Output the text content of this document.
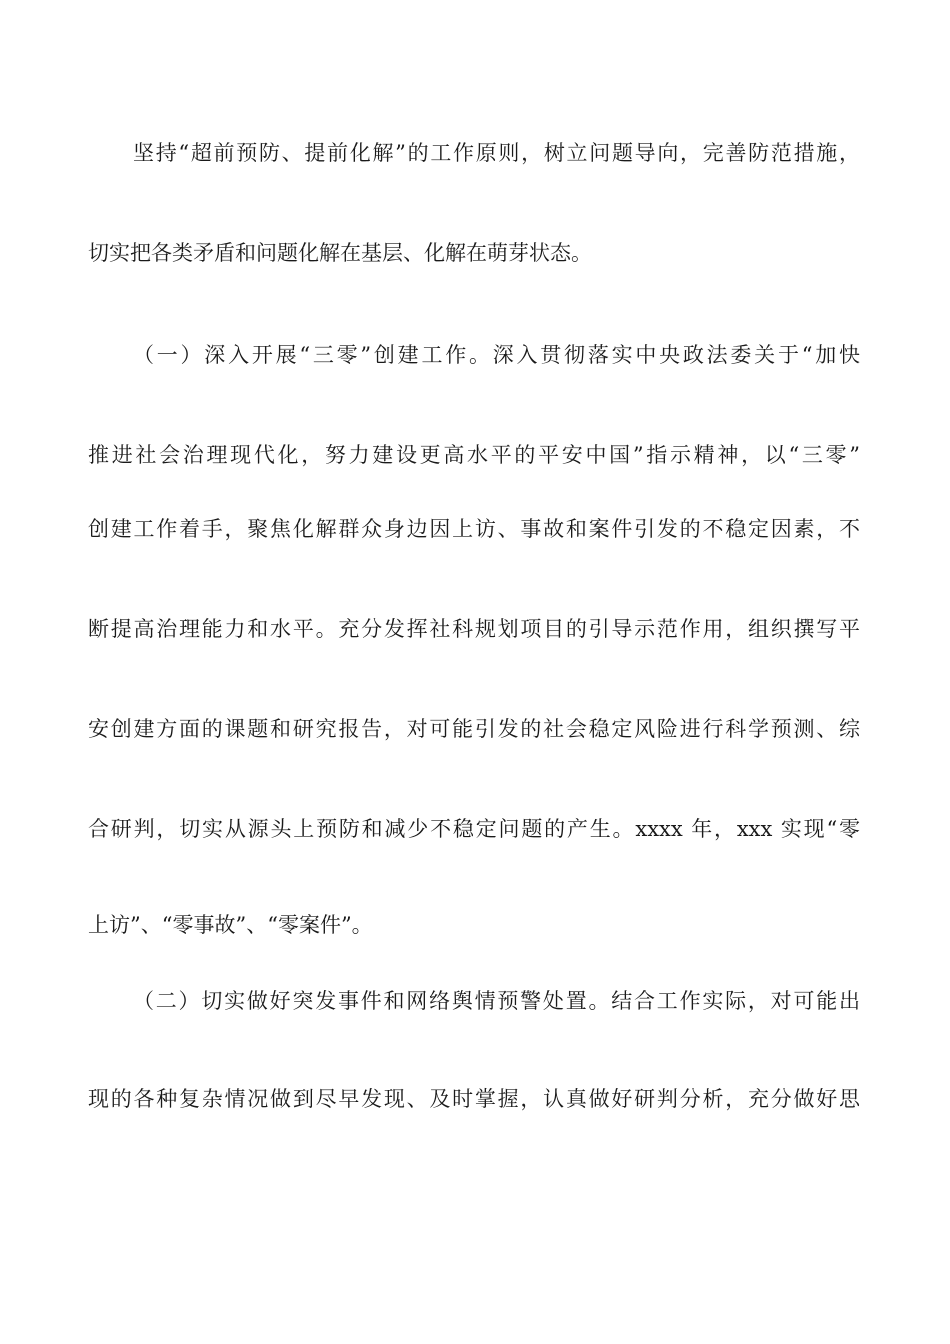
坚持“超前预防、提前化解”的工作原则，树立问题导向，完善防范措施，

切实把各类矛盾和问题化解在基层、化解在萌芽状态。

（一）深入开展“三零”创建工作。深入贯彻落实中央政法委关于“加快

推进社会治理现代化，努力建设更高水平的平安中国”指示精神，以“三零”

创建工作着手，聚焦化解群众身边因上访、事故和案件引发的不稳定因素，不

断提高治理能力和水平。充分发挥社科规划项目的引导示范作用，组织撰写平

安创建方面的课题和研究报告，对可能引发的社会稳定风险进行科学预测、综

合研判，切实从源头上预防和减少不稳定问题的产生。xxxx 年，xxx 实现“零

上访”、“零事故”、“零案件”。

（二）切实做好突发事件和网络舆情预警处置。结合工作实际，对可能出

现的各种复杂情况做到尽早发现、及时掌握，认真做好研判分析，充分做好思
